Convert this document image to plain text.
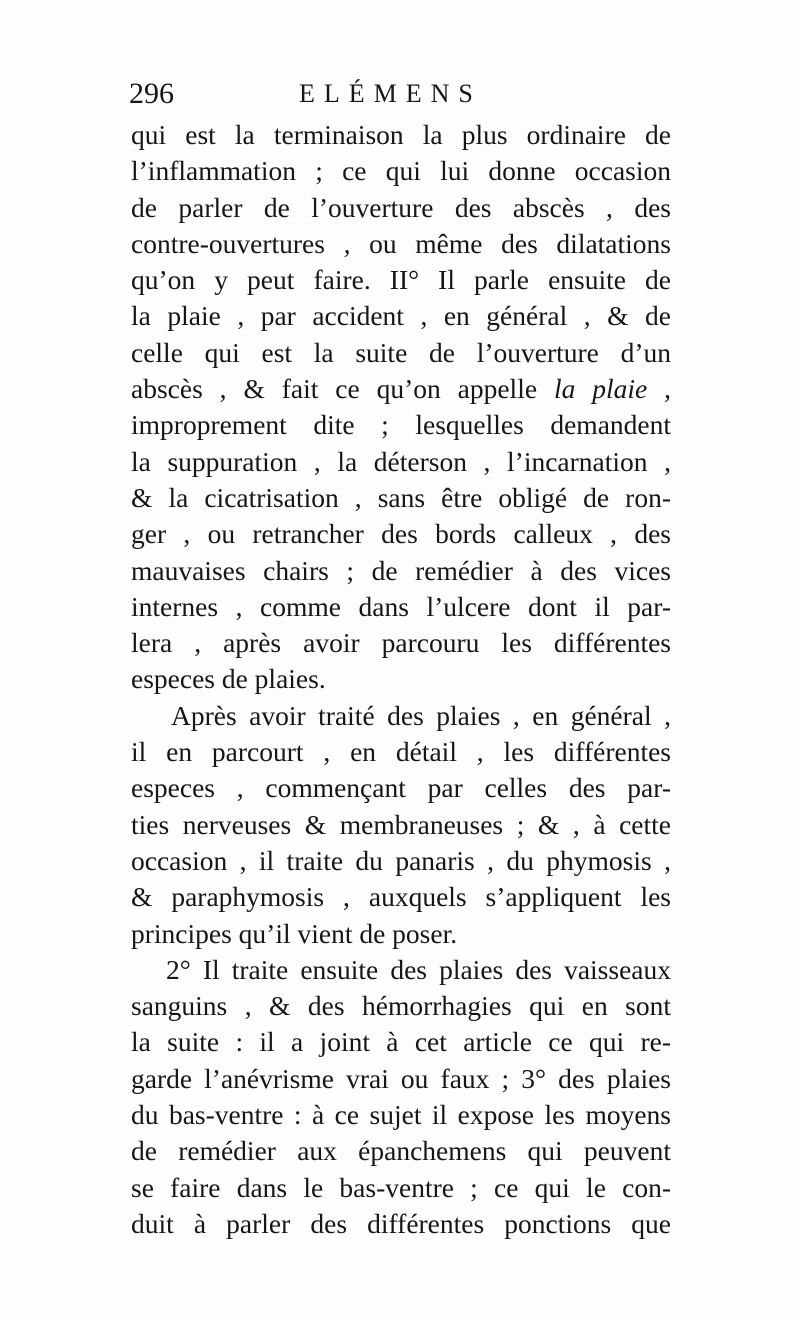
296	ELÉMENS
qui est la terminaison la plus ordinaire de
l’inflammation ; ce qui lui donne occasion
de parler de l’ouverture des abscès , des
contre-ouvertures , ou même des dilatations
qu’on y peut faire. II° Il parle ensuite de
la plaie , par accident , en général , & de
celle qui est la suite de l’ouverture d’un
abscès , & fait ce qu’on appelle la plaie ,
improprement dite ; lesquelles demandent
la suppuration , la déterson , l’incarnation ,
& la cicatrisation , sans être obligé de ron-
ger , ou retrancher des bords calleux , des
mauvaises chairs ; de remédier à des vices
internes , comme dans l’ulcere dont il par-
lera , après avoir parcouru les différentes
especes de plaies.
Après avoir traité des plaies , en général ,
il en parcourt , en détail , les différentes
especes , commençant par celles des par-
ties nerveuses & membraneuses ; & , à cette
occasion , il traite du panaris , du phymosis ,
& paraphymosis , auxquels s’appliquent les
principes qu’il vient de poser.
2° Il traite ensuite des plaies des vaisseaux
sanguins , & des hémorrhagies qui en sont
la suite : il a joint à cet article ce qui re-
garde l’anévrisme vrai ou faux ; 3° des plaies
du bas-ventre : à ce sujet il expose les moyens
de remédier aux épanchemens qui peuvent
se faire dans le bas-ventre ; ce qui le con-
duit à parler des différentes ponctions que
